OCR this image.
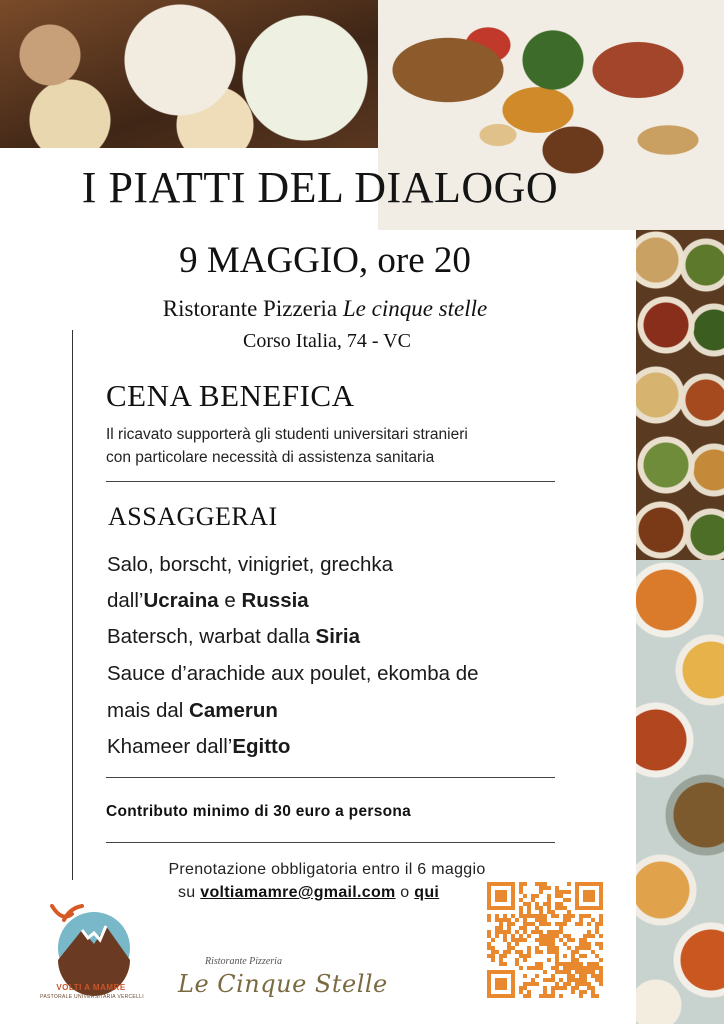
I PIATTI DEL DIALOGO
9 MAGGIO, ore 20
Ristorante Pizzeria Le cinque stelle
Corso Italia, 74 - VC
CENA BENEFICA
Il ricavato supporterà gli studenti universitari stranieri
con particolare necessità di assistenza sanitaria
ASSAGGERAI
Salo, borscht, vinigriet, grechka
dall’Ucraina e Russia
Batersch, warbat dalla Siria
Sauce d’arachide aux poulet, ekomba de
mais dal Camerun
Khameer dall’Egitto
Contributo minimo di 30 euro a persona
Prenotazione obbligatoria entro il 6 maggio
su voltiamamre@gmail.com o qui
VOLTI A MAMRE
PASTORALE UNIVERSITARIA VERCELLI
Ristorante Pizzeria
Le Cinque Stelle
